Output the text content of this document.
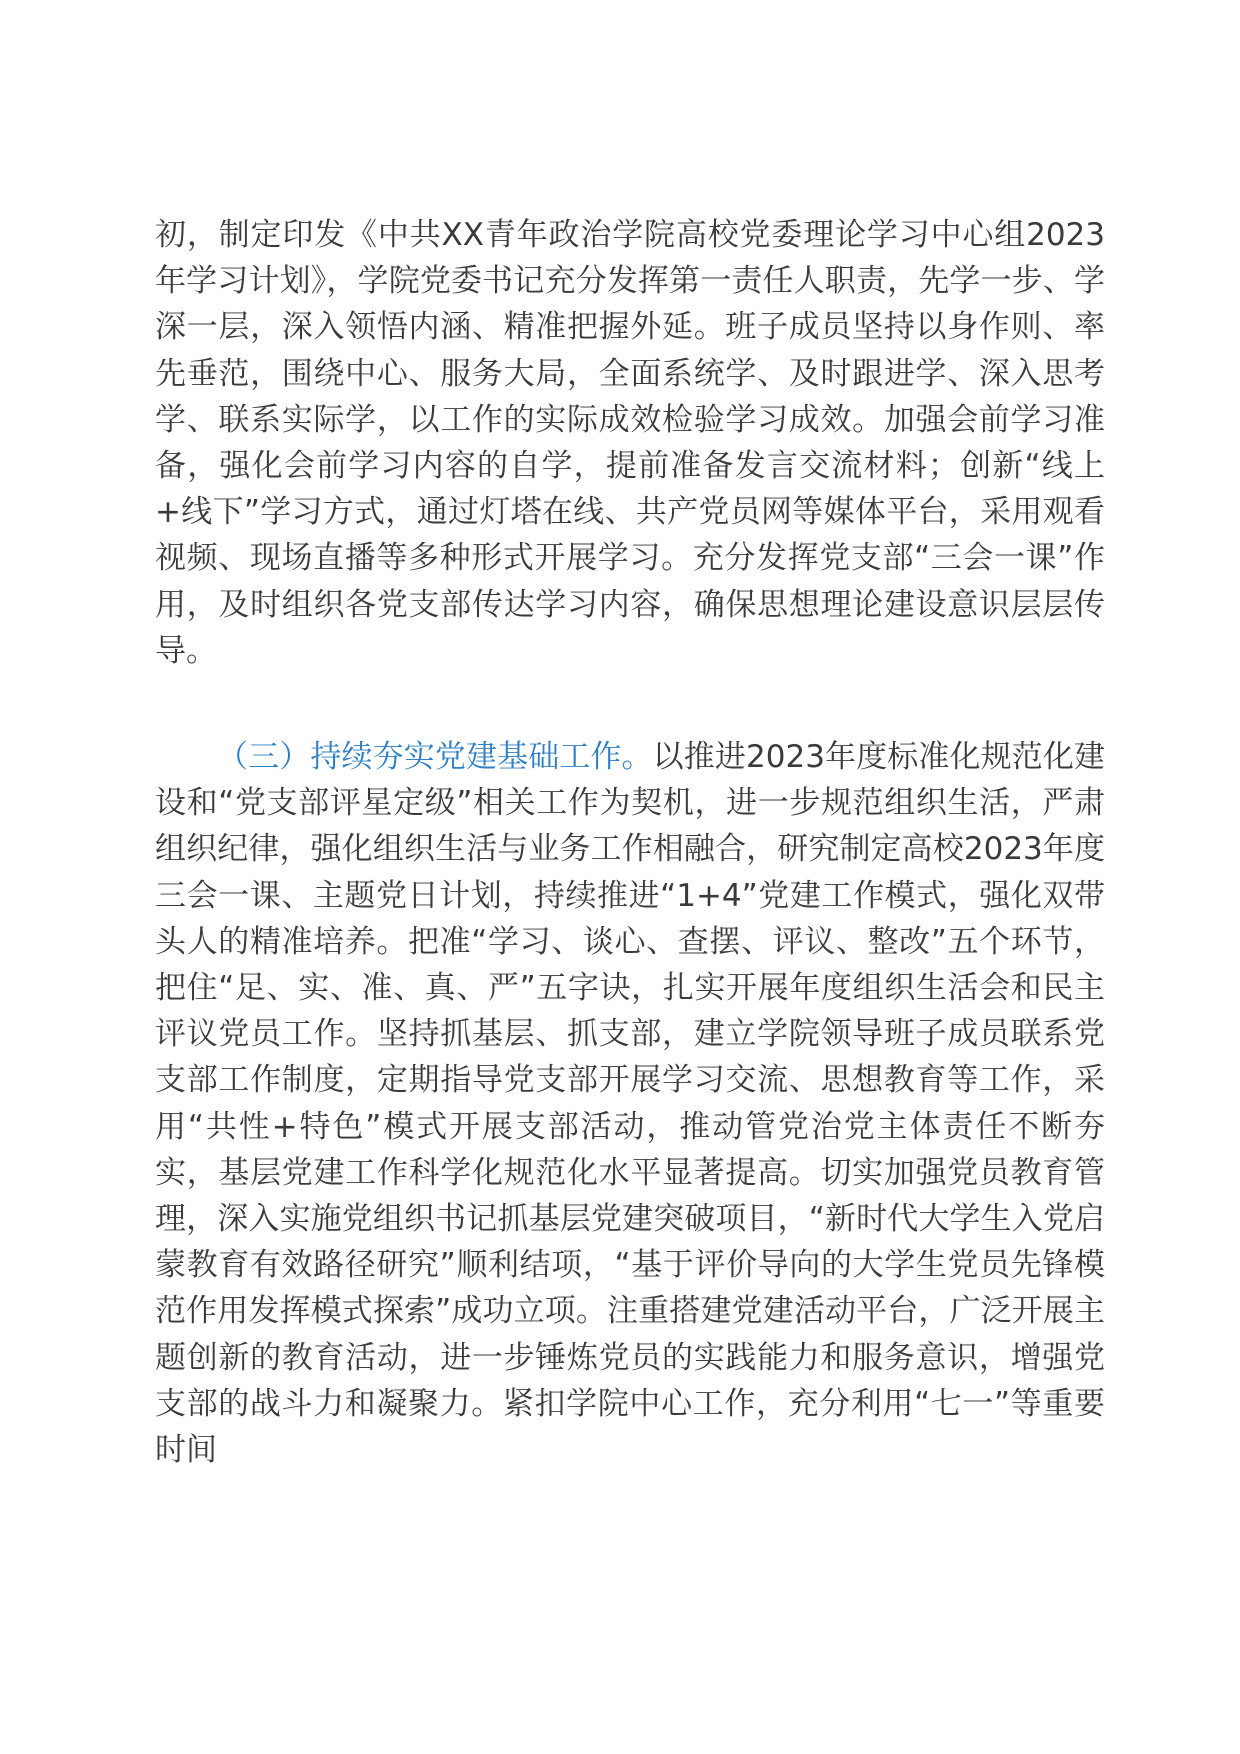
初，制定印发《中共XX青年政治学院高校党委理论学习中心组2023年学习计划》，学院党委书记充分发挥第一责任人职责，先学一步、学深一层，深入领悟内涵、精准把握外延。班子成员坚持以身作则、率先垂范，围绕中心、服务大局，全面系统学、及时跟进学、深入思考学、联系实际学，以工作的实际成效检验学习成效。加强会前学习准备，强化会前学习内容的自学，提前准备发言交流材料；创新“线上+线下”学习方式，通过灯塔在线、共产党员网等媒体平台，采用观看视频、现场直播等多种形式开展学习。充分发挥党支部“三会一课”作用，及时组织各党支部传达学习内容，确保思想理论建设意识层层传导。

（三）持续夯实党建基础工作。以推进2023年度标准化规范化建设和“党支部评星定级”相关工作为契机，进一步规范组织生活，严肃组织纪律，强化组织生活与业务工作相融合，研究制定高校2023年度三会一课、主题党日计划，持续推进“1+4”党建工作模式，强化双带头人的精准培养。把准“学习、谈心、查摆、评议、整改”五个环节，把住“足、实、准、真、严”五字诀，扎实开展年度组织生活会和民主评议党员工作。坚持抓基层、抓支部，建立学院领导班子成员联系党支部工作制度，定期指导党支部开展学习交流、思想教育等工作，采用“共性+特色”模式开展支部活动，推动管党治党主体责任不断夯实，基层党建工作科学化规范化水平显著提高。切实加强党员教育管理，深入实施党组织书记抓基层党建突破项目，“新时代大学生入党启蒙教育有效路径研究”顺利结项，“基于评价导向的大学生党员先锋模范作用发挥模式探索”成功立项。注重搭建党建活动平台，广泛开展主题创新的教育活动，进一步锤炼党员的实践能力和服务意识，增强党支部的战斗力和凝聚力。紧扣学院中心工作，充分利用“七一”等重要时间
